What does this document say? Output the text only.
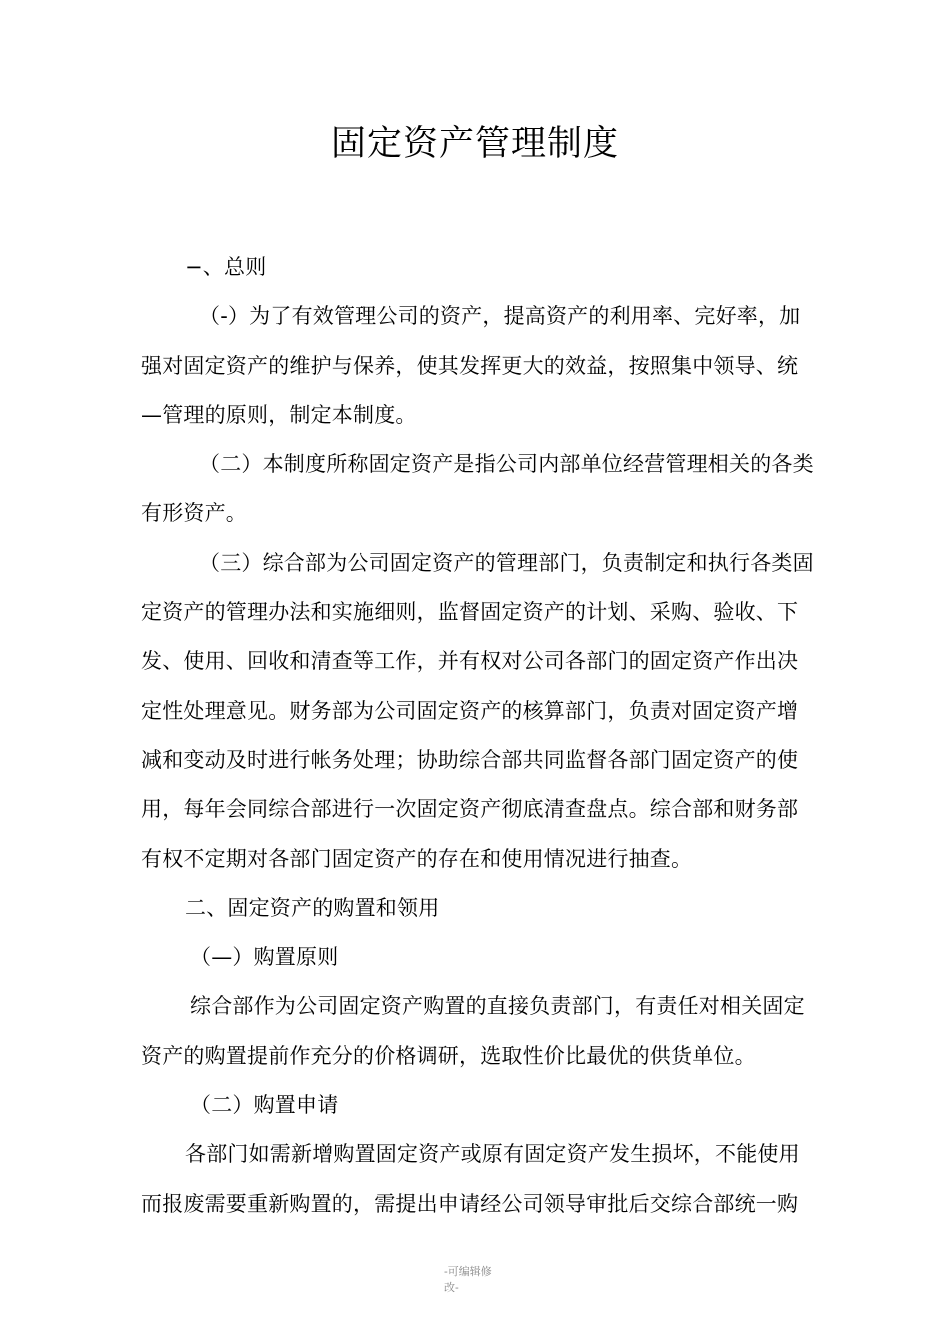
固定资产管理制度
−、总则
（-）为了有效管理公司的资产，提高资产的利用率、完好率，加
强对固定资产的维护与保养，使其发挥更大的效益，按照集中领导、统
—管理的原则，制定本制度。
（二）本制度所称固定资产是指公司内部单位经营管理相关的各类
有形资产。
（三）综合部为公司固定资产的管理部门，负责制定和执行各类固
定资产的管理办法和实施细则，监督固定资产的计划、采购、验收、下
发、使用、回收和清查等工作，并有权对公司各部门的固定资产作出决
定性处理意见。财务部为公司固定资产的核算部门，负责对固定资产增
减和变动及时进行帐务处理；协助综合部共同监督各部门固定资产的使
用，每年会同综合部进行一次固定资产彻底清查盘点。综合部和财务部
有权不定期对各部门固定资产的存在和使用情况进行抽查。
二、固定资产的购置和领用
（—）购置原则
综合部作为公司固定资产购置的直接负责部门，有责任对相关固定
资产的购置提前作充分的价格调研，选取性价比最优的供货单位。
（二）购置申请
各部门如需新增购置固定资产或原有固定资产发生损坏，不能使用
而报废需要重新购置的，需提出申请经公司领导审批后交综合部统一购
-可编辑修
改-
